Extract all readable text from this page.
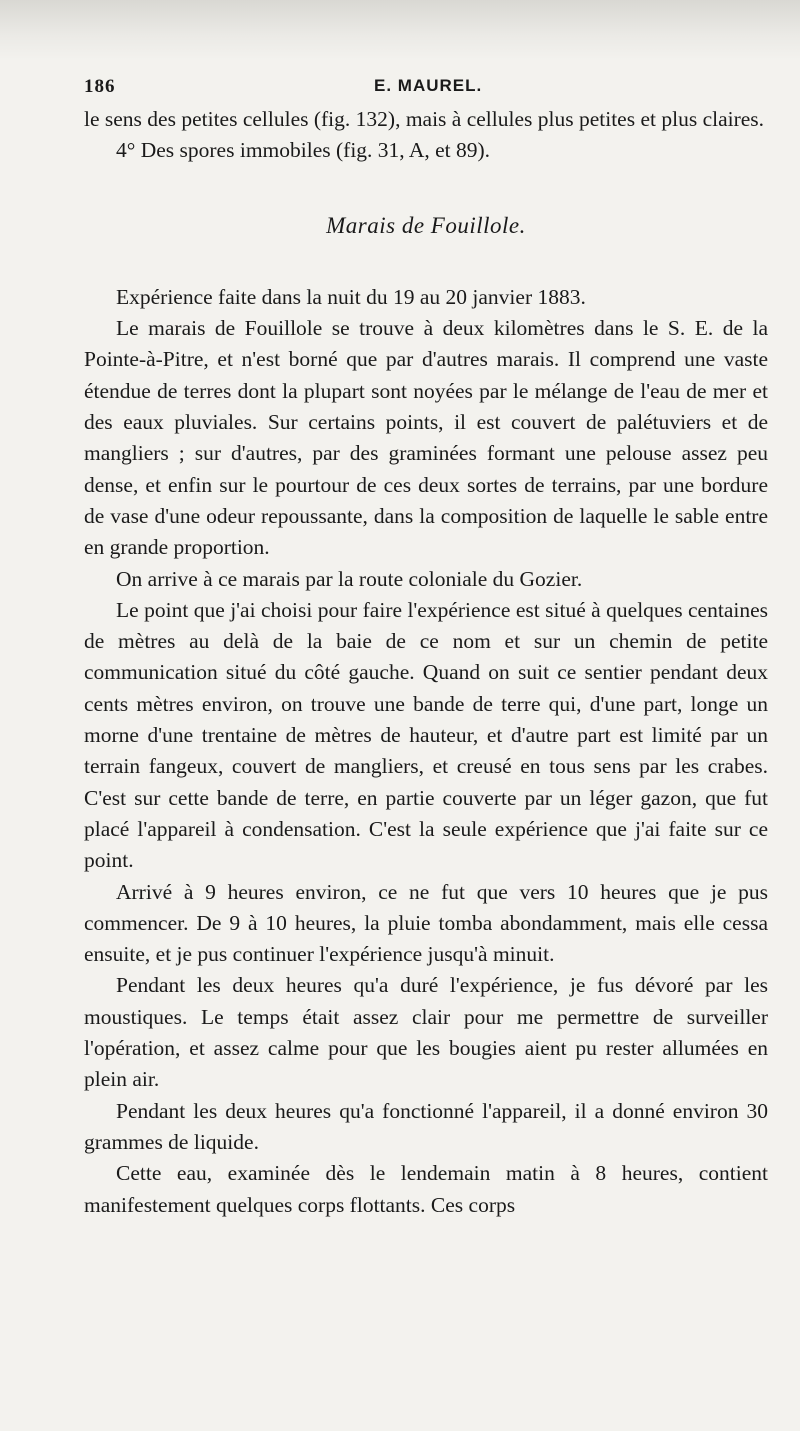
186	E. MAUREL.

le sens des petites cellules (fig. 132), mais à cellules plus petites et plus claires.

4° Des spores immobiles (fig. 31, A, et 89).

Marais de Fouillole.

Expérience faite dans la nuit du 19 au 20 janvier 1883.

Le marais de Fouillole se trouve à deux kilomètres dans le S. E. de la Pointe-à-Pitre, et n'est borné que par d'autres marais. Il comprend une vaste étendue de terres dont la plupart sont noyées par le mélange de l'eau de mer et des eaux pluviales. Sur certains points, il est couvert de palétuviers et de mangliers ; sur d'autres, par des graminées formant une pelouse assez peu dense, et enfin sur le pourtour de ces deux sortes de terrains, par une bordure de vase d'une odeur repoussante, dans la composition de laquelle le sable entre en grande proportion.

On arrive à ce marais par la route coloniale du Gozier.

Le point que j'ai choisi pour faire l'expérience est situé à quelques centaines de mètres au delà de la baie de ce nom et sur un chemin de petite communication situé du côté gauche. Quand on suit ce sentier pendant deux cents mètres environ, on trouve une bande de terre qui, d'une part, longe un morne d'une trentaine de mètres de hauteur, et d'autre part est limité par un terrain fangeux, couvert de mangliers, et creusé en tous sens par les crabes. C'est sur cette bande de terre, en partie couverte par un léger gazon, que fut placé l'appareil à condensation. C'est la seule expérience que j'ai faite sur ce point.

Arrivé à 9 heures environ, ce ne fut que vers 10 heures que je pus commencer. De 9 à 10 heures, la pluie tomba abondamment, mais elle cessa ensuite, et je pus continuer l'expérience jusqu'à minuit.

Pendant les deux heures qu'a duré l'expérience, je fus dévoré par les moustiques. Le temps était assez clair pour me permettre de surveiller l'opération, et assez calme pour que les bougies aient pu rester allumées en plein air.

Pendant les deux heures qu'a fonctionné l'appareil, il a donné environ 30 grammes de liquide.

Cette eau, examinée dès le lendemain matin à 8 heures, contient manifestement quelques corps flottants. Ces corps
